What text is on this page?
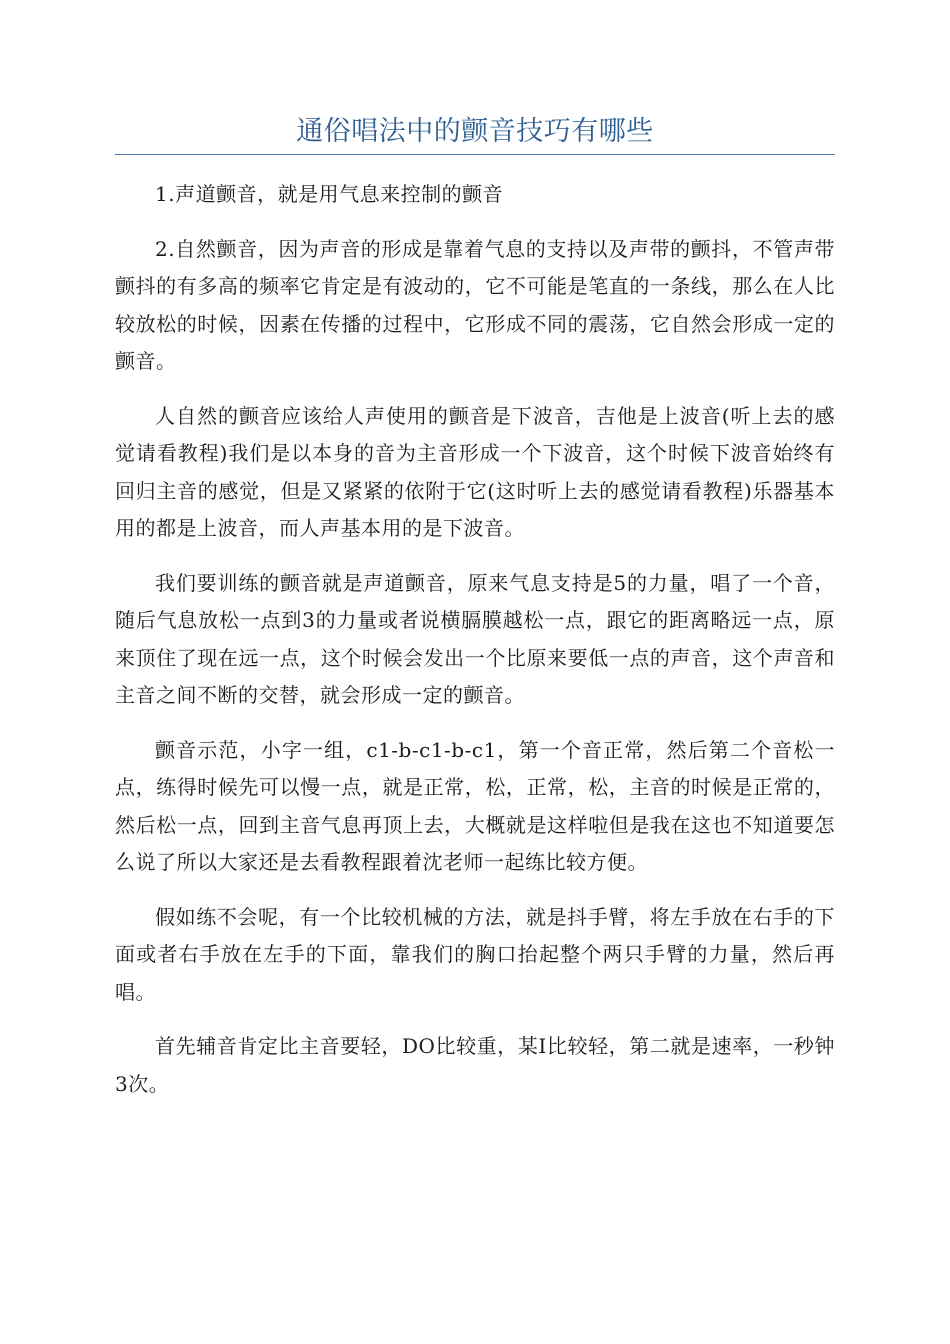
通俗唱法中的颤音技巧有哪些

1.声道颤音，就是用气息来控制的颤音

2.自然颤音，因为声音的形成是靠着气息的支持以及声带的颤抖，不管声带颤抖的有多高的频率它肯定是有波动的，它不可能是笔直的一条线，那么在人比较放松的时候，因素在传播的过程中，它形成不同的震荡，它自然会形成一定的颤音。

人自然的颤音应该给人声使用的颤音是下波音，吉他是上波音(听上去的感觉请看教程)我们是以本身的音为主音形成一个下波音，这个时候下波音始终有回归主音的感觉，但是又紧紧的依附于它(这时听上去的感觉请看教程)乐器基本用的都是上波音，而人声基本用的是下波音。

我们要训练的颤音就是声道颤音，原来气息支持是5的力量，唱了一个音，随后气息放松一点到3的力量或者说横膈膜越松一点，跟它的距离略远一点，原来顶住了现在远一点，这个时候会发出一个比原来要低一点的声音，这个声音和主音之间不断的交替，就会形成一定的颤音。

颤音示范，小字一组，c1-b-c1-b-c1，第一个音正常，然后第二个音松一点，练得时候先可以慢一点，就是正常，松，正常，松，主音的时候是正常的，然后松一点，回到主音气息再顶上去，大概就是这样啦但是我在这也不知道要怎么说了所以大家还是去看教程跟着沈老师一起练比较方便。

假如练不会呢，有一个比较机械的方法，就是抖手臂，将左手放在右手的下面或者右手放在左手的下面，靠我们的胸口抬起整个两只手臂的力量，然后再唱。

首先辅音肯定比主音要轻，DO比较重，某I比较轻，第二就是速率，一秒钟3次。
